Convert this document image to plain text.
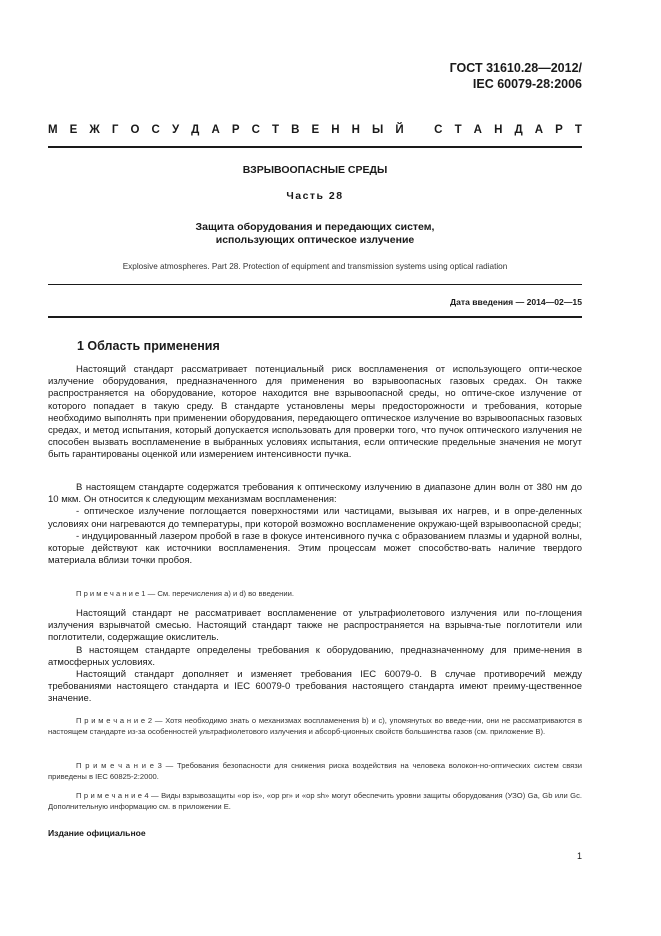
ГОСТ 31610.28—2012/
IEC 60079-28:2006
М Е Ж Г О С У Д А Р С Т В Е Н Н Ы Й
	С Т А Н Д А Р Т
ВЗРЫВООПАСНЫЕ СРЕДЫ
Часть 28
Защита оборудования и передающих систем,
использующих оптическое излучение
Explosive atmospheres. Part 28. Protection of equipment and transmission systems using optical radiation
Дата введения — 2014—02—15
1 Область применения

Настоящий стандарт рассматривает потенциальный риск воспламенения от использующего опти-ческое излучение оборудования, предназначенного для применения во взрывоопасных газовых средах. Он также распространяется на оборудование, которое находится вне взрывоопасной среды, но оптиче-ское излучение от которого попадает в такую среду. В стандарте установлены меры предосторожности и требования, которые необходимо выполнять при применении оборудования, передающего оптическое излучение во взрывоопасных газовых средах, и метод испытания, который допускается использовать для проверки того, что пучок оптического излучения не способен вызвать воспламенение в выбранных условиях испытания, если оптические предельные значения не могут быть гарантированы оценкой или измерением интенсивности пучка.

В настоящем стандарте содержатся требования к оптическому излучению в диапазоне длин волн от 380 нм до 10 мкм. Он относится к следующим механизмам воспламенения:

- оптическое излучение поглощается поверхностями или частицами, вызывая их нагрев, и в опре-деленных условиях они нагреваются до температуры, при которой возможно воспламенение окружаю-щей взрывоопасной среды;

- индуцированный лазером пробой в газе в фокусе интенсивного пучка с образованием плазмы и ударной волны, которые действуют как источники воспламенения. Этим процессам может способство-вать наличие твердого материала вблизи точки пробоя.

П р и м е ч а н и е 1 — См. перечисления а) и d) во введении.

Настоящий стандарт не рассматривает воспламенение от ультрафиолетового излучения или по-глощения излучения взрывчатой смесью. Настоящий стандарт также не распространяется на взрывча-тые поглотители или поглотители, содержащие окислитель.

В настоящем стандарте определены требования к оборудованию, предназначенному для приме-нения в атмосферных условиях.

Настоящий стандарт дополняет и изменяет требования IEC 60079-0. В случае противоречий между требованиями настоящего стандарта и IEC 60079-0 требования настоящего стандарта имеют преиму-щественное значение.

П р и м е ч а н и е 2 — Хотя необходимо знать о механизмах воспламенения b) и c), упомянутых во введе-нии, они не рассматриваются в настоящем стандарте из-за особенностей ультрафиолетового излучения и абсорб-ционных свойств большинства газов (см. приложение В).

П р и м е ч а н и е 3 — Требования безопасности для снижения риска воздействия на человека волокон-но-оптических систем связи приведены в IEC 60825-2:2000.

П р и м е ч а н и е 4 — Виды взрывозащиты «op is», «op pr» и «op sh» могут обеспечить уровни защиты оборудования (УЗО) Ga, Gb или Gc. Дополнительную информацию см. в приложении Е.

Издание официальное
1
